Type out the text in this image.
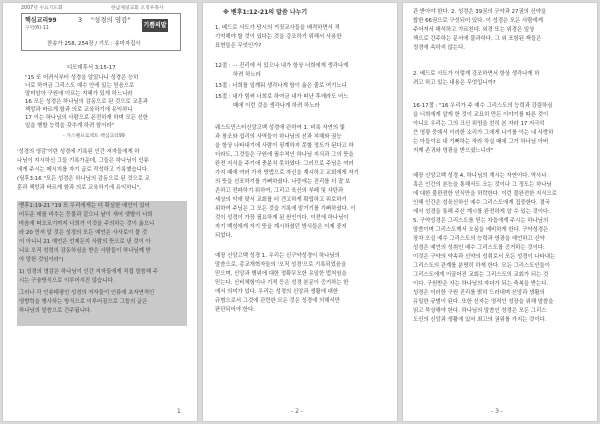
2007년 수요기도회	한남제일교회 오정우목사
핵심교리99	3 "성경의 영감"
구약(6)-11	기쁨의말씀
찬송가 258, 254장 / 기도 : 송미자집사
디모데후서 3:15-17
"15 또 어려서부터 성경을 알았나니 성경은 능히
너로 하여금 그리스도 예수 안에 있는 믿음으로
말미암아 구원에 이르는 지혜가 있게 하느니라
16 모든 성경은 하나님의 감동으로 된 것으로 교훈과
책망과 바르게 함과 의로 교육하기에 유익하니
17 이는 하나님의 사람으로 온전하게 하며 모든 선한
일을 행할 능력을 갖추게 하려 함이라"
- 가스펠프로젝트 핵심교리99
'성경의 영감'이란 성경에 기록된 인간 저자들에게 하
나님이 지시하신 그들 기록가운데, 그들은 하나님이 인류
에게 주시는 메시지를 자기 글로 작성하고 기록했습니다.
(딤후3:16 "모든 성경은 하나님의 감동으로 된 것으로 교
훈과 책망과 바르게 함과 의로 교육하기에 유익하니",
벧후1:19-21 "19 또 우리에게는 더 확실한 예언이 있어
어두운 데를 비추는 등불과 같으니 날이 새어 샛별이 너희
마음에 떠오르기까지 너희가 이것을 주의하는 것이 옳으니
라 20 먼저 알 것은 성경의 모든 예언은 사사로이 풀 것
이 아니니 21 예언은 언제든지 사람의 뜻으로 낸 것이 아
니요 오직 성령의 감동하심을 받은 사람들이 하나님께 받
아 말한 것임이라")
1) 성경의 영감은 하나님이 인간 저자들에게 직접 말씀해 주
시는 구술방식으로 이루어지진 않습니다.
그러나 각 인류태평인 성경의 저자들이 인류에 초자연적인
영향력을 행사하는 방식으로 이루어짐으로 그들의 글은
하나님의 말씀으로 간주됩니다.
1
※ 벧후1:12-21의 말씀 나누기
1. 베드로 사도가 당시의 거짓교사들을 배격하면서 적
기억해야 할 것이 있다는 것을 강조하기 위해서 사용한
표현들은 무엇인가?
12절 : ··· 진리에 서 있으나 내가 항상 너희에게 생각나게
하려 하노라
13절 : 너희를 일깨워 생각나게 함이 옳은 줄로 여기노니
15절 : 내가 힘써 너희로 하여금 내가 떠난 후에라도 어느
때에 이런 것을 생각나게 하려 하노라
웨스트민스터신앙고백 성경에 관하여 1. 비록 자연의 빛
과 창조와 섭리의 사역들이 하나님의 선과 지혜와 권능
을 항상 나타내기에 사람이 핑계하지 못할 정도가 된다고 하
더라도, 그것들은 구원에 필수적인 하나님 지식과 그의 뜻을
완전 지식을 주기에 충분치 못하였다. 그러므로 주님은 여러
가지 때에 여러 가지 방법으로 자신을 계시하고 교회에게 자기
의 뜻을 선포하기를 기뻐하셨다. 나중에는 진리를 더 잘 보
존하고 전파하기 위하여, 그리고 육신의 부패 및 사탄과
세상의 악에 맞서 교회를 더 견고하게 확립하고 위로하기
위하여 주님은 그 모든 것을 기록에 맡기기를 기뻐하셨다. 이
것이 성경이 가장 필요하게 된 원인이다. 이전에 하나님이
자기 백성에게 자기 뜻을 계시하셨던 방식들은 이제 중지
되었다.
예장 신앙고백 성경 1. 우리는 신구약성경이 하나님의
말씀으로, 종교개혁자들의 '오직 성경'으로 기록되었음을
믿으며, 신앙과 행위에 대한 정확무오한 유일한 법칙임을
믿는다. 신비체험이나 기적 등은 성경 본문이 증거하는 한
에서 의미가 있다. 우리는 성경의 신앙과 생활에 대한
규범으로서 그것에 관련한 모든 것은 성경에 의해서만
판단되어야 한다.
- 2 -
관 받아야 한다. 2. 성경은 39권의 구약과 27권의 신약을
합한 66권으로 구성되어 있다. 이 성경은 모든 사람에게
주어져서 해석하고 가르친다. 외경 또는 위경은 일상
책으로 간주하는 문서에 불과하다. 그 외 포함된 책들은
정경에 속하지 않는다.
2. 베드로 사도가 이렇게 강조하면서 항상 생각나게 하
려고 하고 있는 내용은 무엇입니까?
16-17절 : "16 우리가 주 예수 그리스도의 능력과 강림하심
을 너희에게 알게 한 것이 교묘히 만든 이야기를 따른 것이
아니요 우리는 그의 크신 위엄을 친히 본 자라 17 지극히
큰 영광 중에서 이러한 소리가 그에게 나기를 이는 내 사랑하
는 아들이요 내 기뻐하는 자라 하실 때에 그가 하나님 아버
지께 존귀와 영광을 받으셨느니라"
예장 신앙고백 성경 4. 하나님의 계시는 자연이다. 역사나
혹은 인간의 본능을 통해서도 오는 것이나 그 정도는 하나님
에 대한 불완전한 인식만을 허락한다. 이런 불완전한 지식으로
인해 인간은 성육신하신 예수 그리스도에게 집중한다. 결국
에서 성경을 통해 주신 계시를 완전하게 알 수 있는 것이다.
5. 구약성경은 그리스도를 믿는 자들에게 주시는 하나님의
말씀이며 그리스도께서 오심을 예비하게 한다. 구약성경은
장차 오실 예수 그리스도의 능력과 영광을 예언하고 신약
성경은 예언의 성취인 예수 그리스도를 증거하는 것이다.
이것은 구약의 약속과 신약의 성취로서 모든 성경이 나타내는
그리스도의 관계를 분명히 하게 한다. 모든 그리스도인들이
그리스도에게 이끌어진 교회는 그리스도의 교회가 되는 것
이다. 구원받은 자는 하나님의 자녀가 되는 축복을 받는다.
성경은 이러한 구원 진리를 밝히 드러내며 신앙과 생활의
유일한 규범이 된다. 또한 신자는 영적인 성장을 위해 말씀을
읽고 묵상해야 한다. 하나님의 말씀인 성경은 모든 그리스
도인의 신앙과 생활에 있어 최고의 권위를 가지는 것이다.
- 3 -
